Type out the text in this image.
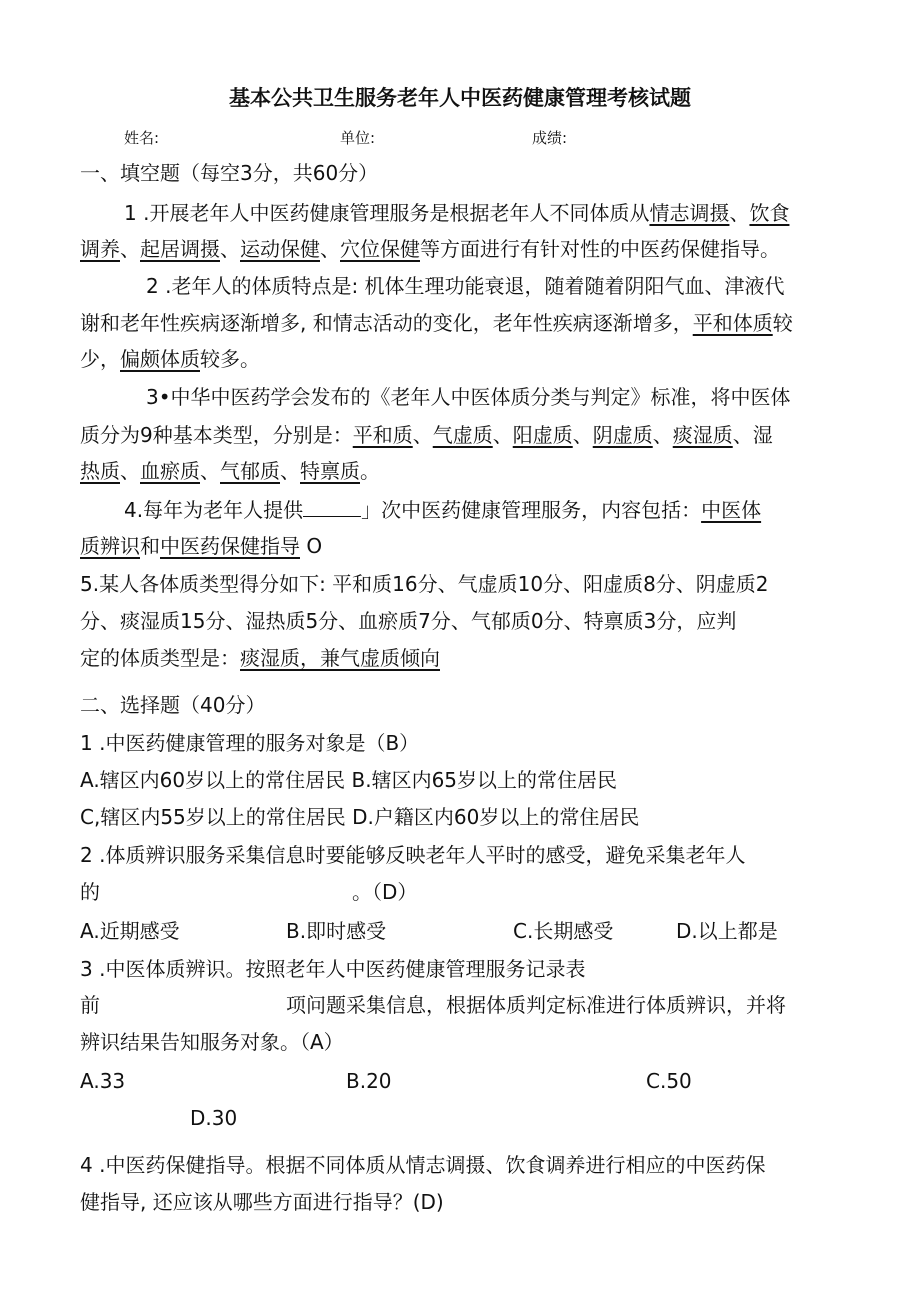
基本公共卫生服务老年人中医药健康管理考核试题
姓名:	单位:	成绩:
一、填空题（每空3分，共60分）
1 .开展老年人中医药健康管理服务是根据老年人不同体质从情志调摄、饮食
调养、起居调摄、运动保健、穴位保健等方面进行有针对性的中医药保健指导。
2 .老年人的体质特点是: 机体生理功能衰退，随着随着阴阳气血、津液代
谢和老年性疾病逐渐增多, 和情志活动的变化，老年性疾病逐渐增多，平和体质较
少，偏颇体质较多。
3•中华中医药学会发布的《老年人中医体质分类与判定》标准，将中医体
质分为9种基本类型，分别是：平和质、气虚质、阳虚质、阴虚质、痰湿质、湿
热质、血瘀质、气郁质、特禀质。
4.每年为老年人提供	」次中医药健康管理服务，内容包括：中医体
质辨识和中医药保健指导 O
5.某人各体质类型得分如下: 平和质16分、气虚质10分、阳虚质8分、阴虚质2
分、痰湿质15分、湿热质5分、血瘀质7分、气郁质0分、特禀质3分，应判
定的体质类型是：痰湿质，兼气虚质倾向
二、选择题（40分）
1 .中医药健康管理的服务对象是（B）
A.辖区内60岁以上的常住居民 B.辖区内65岁以上的常住居民
C,辖区内55岁以上的常住居民 D.户籍区内60岁以上的常住居民
2 .体质辨识服务采集信息时要能够反映老年人平时的感受，避免采集老年人
的	。（D）
A.近期感受	B.即时感受	C.长期感受	D.以上都是
3 .中医体质辨识。按照老年人中医药健康管理服务记录表
前	项问题采集信息，根据体质判定标准进行体质辨识，并将
辨识结果告知服务对象。（A）
A.33	B.20	C.50
D.30
4 .中医药保健指导。根据不同体质从情志调摄、饮食调养进行相应的中医药保
健指导, 还应该从哪些方面进行指导？(D)
